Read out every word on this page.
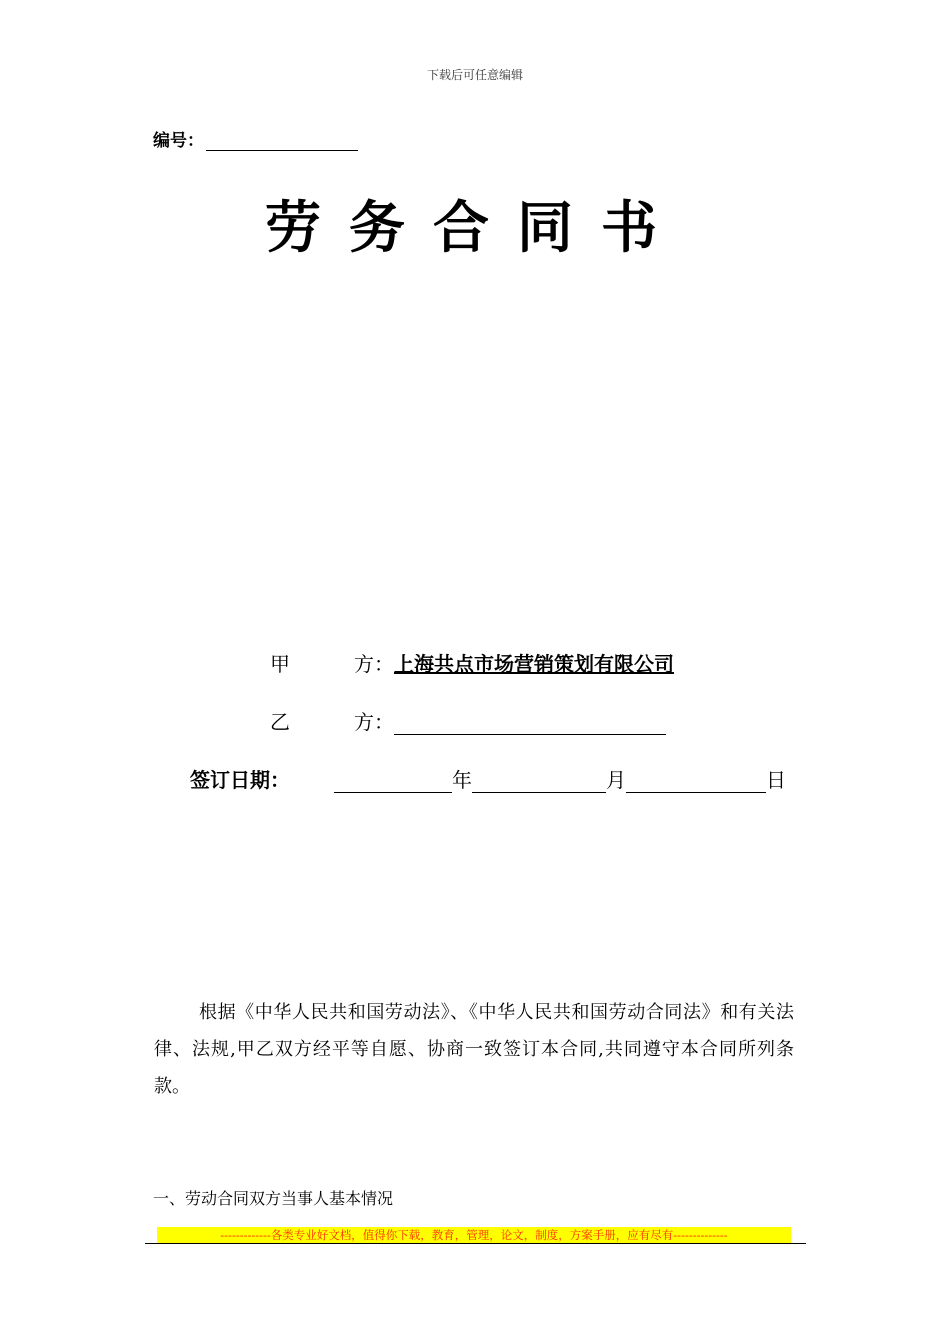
下载后可任意编辑
编号：
劳务合同书
甲	方： 上海共点市场营销策划有限公司
乙	方：
签订日期：	年	月	日
根据《中华人民共和国劳动法》、《中华人民共和国劳动合同法》和有关法律、法规,甲乙双方经平等自愿、协商一致签订本合同,共同遵守本合同所列条款。
一、劳动合同双方当事人基本情况
-------------各类专业好文档，值得你下载，教育，管理，论文，制度，方案手册，应有尽有--------------
